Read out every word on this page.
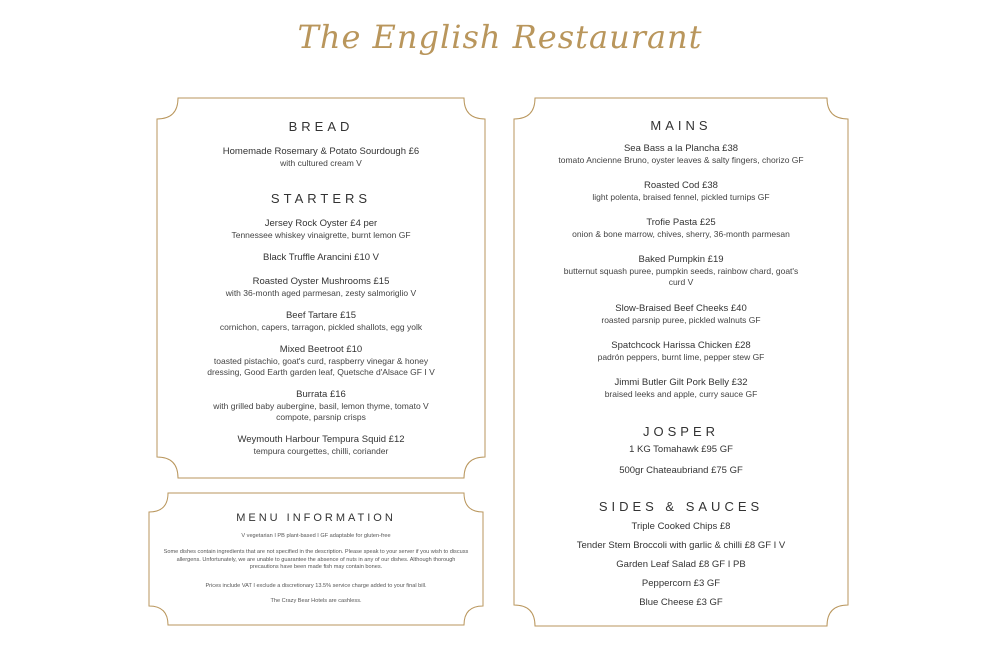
The English Restaurant
BREAD
Homemade Rosemary & Potato Sourdough £6
with cultured cream V
STARTERS
Jersey Rock Oyster £4 per
Tennessee whiskey vinaigrette, burnt lemon GF
Black Truffle Arancini £10 V
Roasted Oyster Mushrooms £15
with 36-month aged parmesan, zesty salmoriglio V
Beef Tartare £15
cornichon, capers, tarragon, pickled shallots, egg yolk
Mixed Beetroot £10
toasted pistachio, goat's curd, raspberry vinegar & honey dressing, Good Earth garden leaf, Quetsche d'Alsace GF I V
Burrata £16
with grilled baby aubergine, basil, lemon thyme, tomato V compote, parsnip crisps
Weymouth Harbour Tempura Squid £12
tempura courgettes, chilli, coriander
MENU INFORMATION
V vegetarian I PB plant-based I GF adaptable for gluten-free
Some dishes contain ingredients that are not specified in the description. Please speak to your server if you wish to discuss allergens. Unfortunately, we are unable to guarantee the absence of nuts in any of our dishes. Although thorough precautions have been made fish may contain bones.
Prices include VAT I exclude a discretionary 13.5% service charge added to your final bill.
The Crazy Bear Hotels are cashless.
MAINS
Sea Bass a la Plancha £38
tomato Ancienne Bruno, oyster leaves & salty fingers, chorizo GF
Roasted Cod £38
light polenta, braised fennel, pickled turnips GF
Trofie Pasta £25
onion & bone marrow, chives, sherry, 36-month parmesan
Baked Pumpkin £19
butternut squash puree, pumpkin seeds, rainbow chard, goat's curd V
Slow-Braised Beef Cheeks £40
roasted parsnip puree, pickled walnuts GF
Spatchcock Harissa Chicken £28
padrón peppers, burnt lime, pepper stew GF
Jimmi Butler Gilt Pork Belly £32
braised leeks and apple, curry sauce GF
JOSPER
1 KG Tomahawk £95 GF
500gr Chateaubriand £75 GF
SIDES & SAUCES
Triple Cooked Chips £8
Tender Stem Broccoli with garlic & chilli £8 GF I V
Garden Leaf Salad £8 GF I PB
Peppercorn £3 GF
Blue Cheese £3 GF
